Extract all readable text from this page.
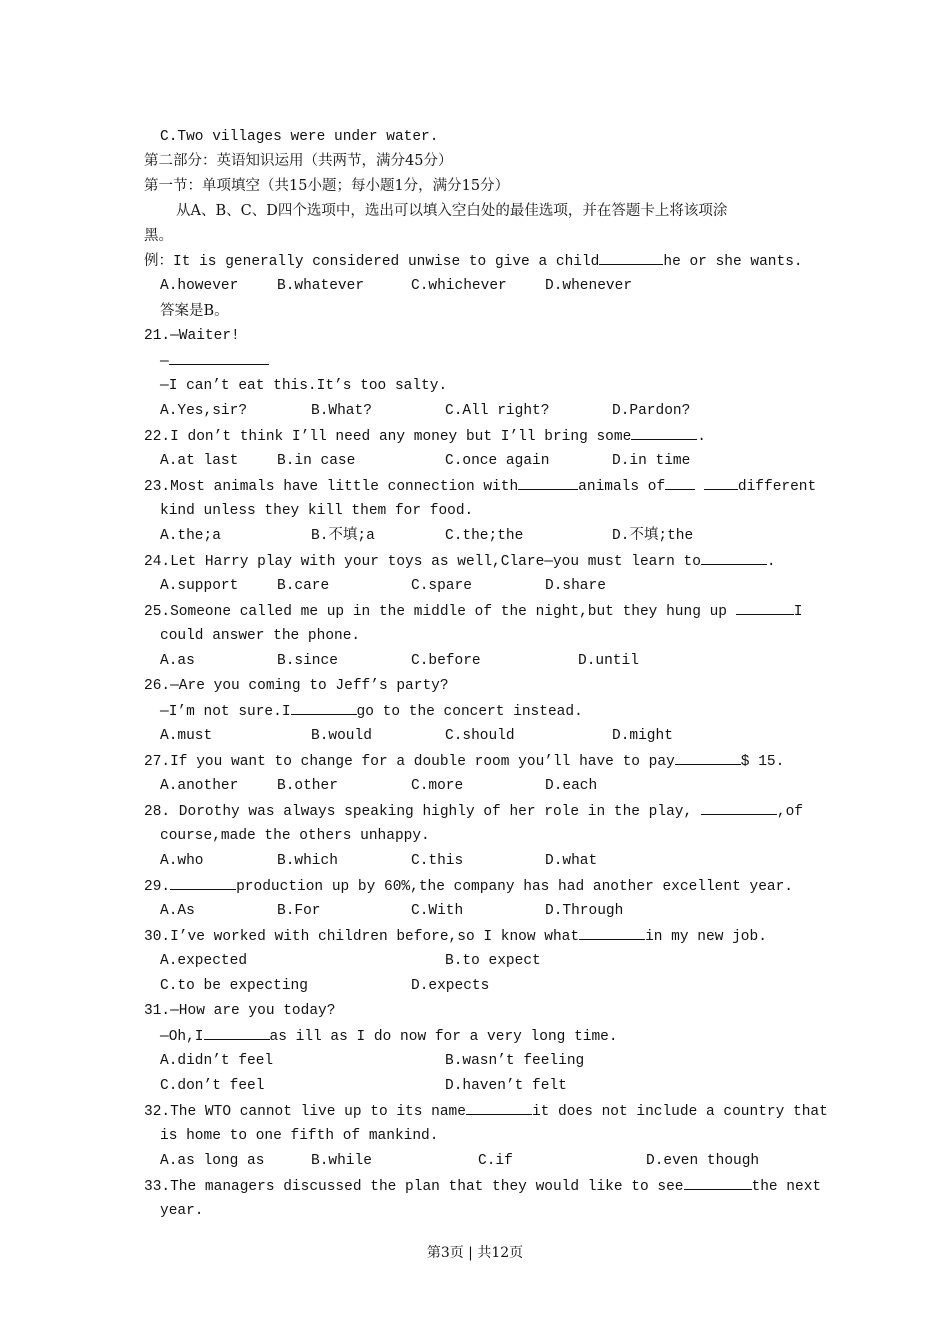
C.Two villages were under water.
第二部分：英语知识运用（共两节，满分45分）
第一节：单项填空（共15小题；每小题1分，满分15分）
从A、B、C、D四个选项中，选出可以填入空白处的最佳选项，并在答题卡上将该项涂
黑。
例：It is generally considered unwise to give a child	he or she wants.

A.however

	B.whatever

	C.whichever

	D.whenever

答案是B。
21.—Waiter!
—
—I can’t eat this.It’s too salty.

A.Yes,sir?

	B.What?

	C.All right?

	D.Pardon?

22.I don’t think I’ll need any money but I’ll bring some	.

A.at last

	B.in case

	C.once again

	D.in time

23.Most animals have little connection with	animals of	different
kind unless they kill them for food.

A.the;a

	B.不填;a

	C.the;the

	D.不填;the

24.Let Harry play with your toys as well,Clare—you must learn to	.

A.support

	B.care

	C.spare

	D.share

25.Someone called me up in the middle of the night,but they hung up	I
could answer the phone.

A.as

	B.since

	C.before

	D.until

26.—Are you coming to Jeff’s party?
—I’m not sure.I	go to the concert instead.

A.must

	B.would

	C.should

	D.might

27.If you want to change for a double room you’ll have to pay	$ 15.

A.another

	B.other

	C.more

	D.each

28. Dorothy was always speaking highly of her role in the play,	,of
course,made the others unhappy.

A.who

	B.which

	C.this

	D.what

29.	production up by 60%,the company has had another excellent year.

A.As

	B.For

	C.With

	D.Through

30.I’ve worked with children before,so I know what	in my new job.

A.expected

	B.to expect

C.to be expecting

	D.expects

31.—How are you today?
—Oh,I	as ill as I do now for a very long time.

A.didn’t feel

	B.wasn’t feeling

C.don’t feel

	D.haven’t felt

32.The WTO cannot live up to its name	it does not include a country that
is home to one fifth of mankind.

A.as long as

	B.while

	C.if

	D.even though

33.The managers discussed the plan that they would like to see	the next
year.
第3页 | 共12页
